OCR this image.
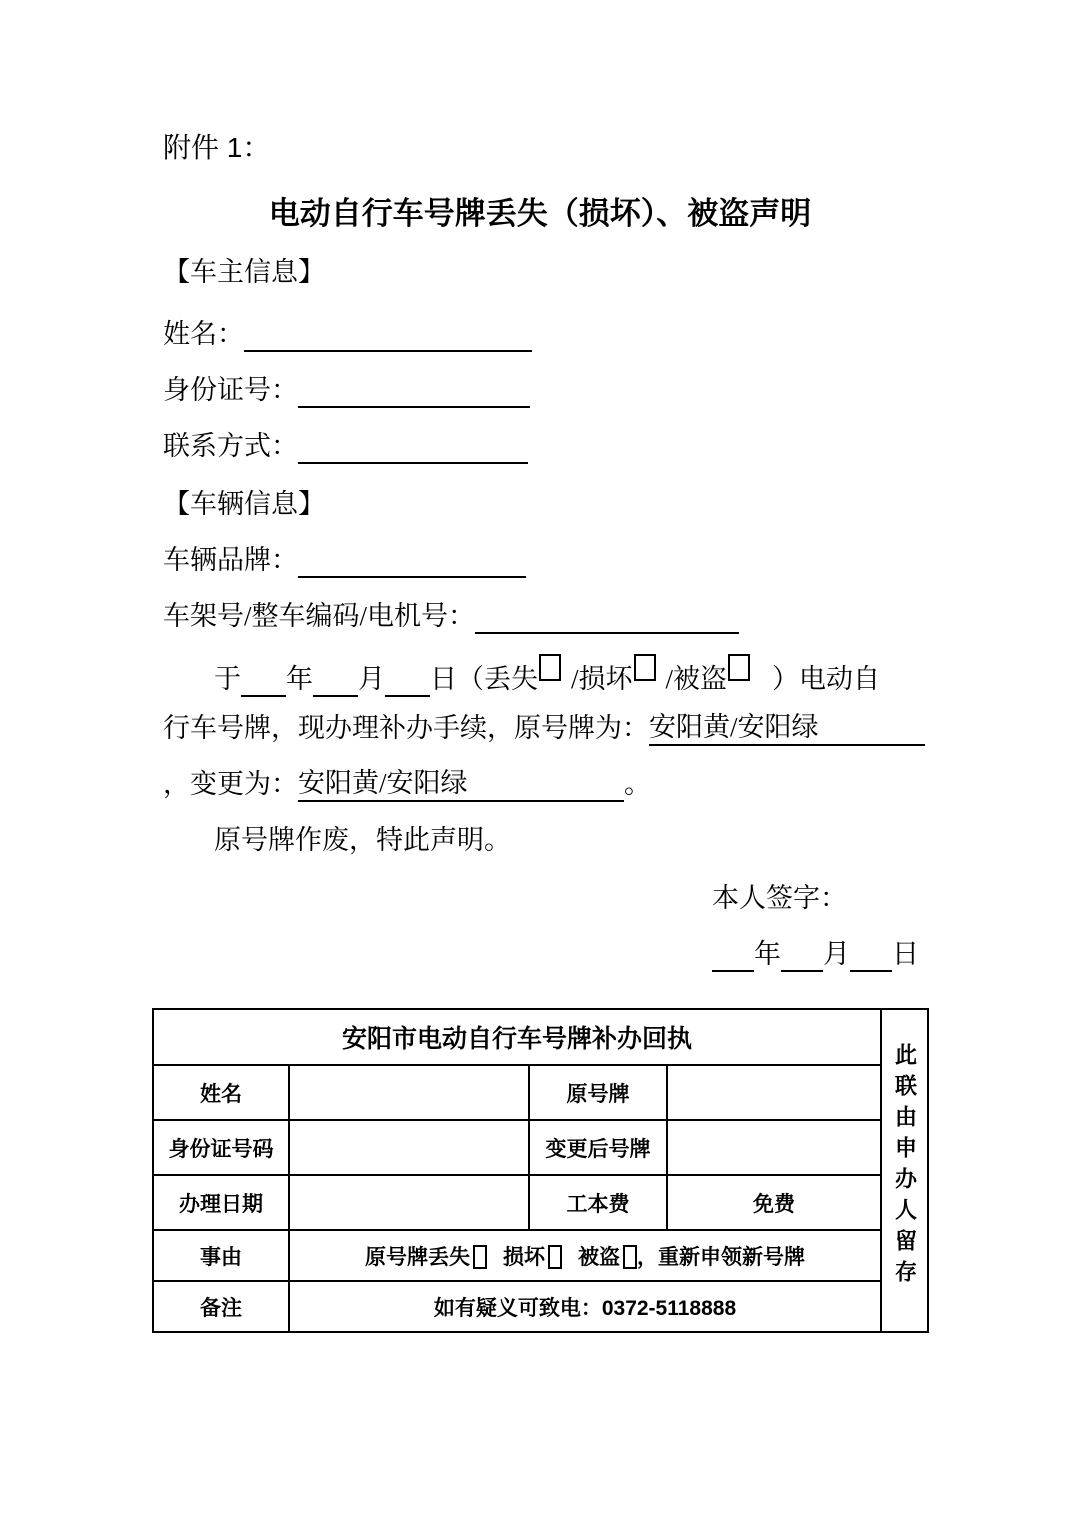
附件 1：
电动自行车号牌丢失（损坏）、被盗声明
【车主信息】
姓名：
身份证号：
联系方式：
【车辆信息】
车辆品牌：
车架号/整车编码/电机号：
于 年 月 日（丢失 /损坏 /被盗 ）电动自
行车号牌，现办理补办手续，原号牌为：安阳黄/安阳绿
，变更为：安阳黄/安阳绿	。
原号牌作废，特此声明。
本人签字：
年 月 日
安阳市电动自行车号牌补办回执				此联由申办人留存
姓名		原号牌		
身份证号码		变更后号牌		
办理日期		工本费	免费	
事由	原号牌丢失 损坏 被盗 ，重新申领新号牌			
备注	如有疑义可致电：0372-5118888			
